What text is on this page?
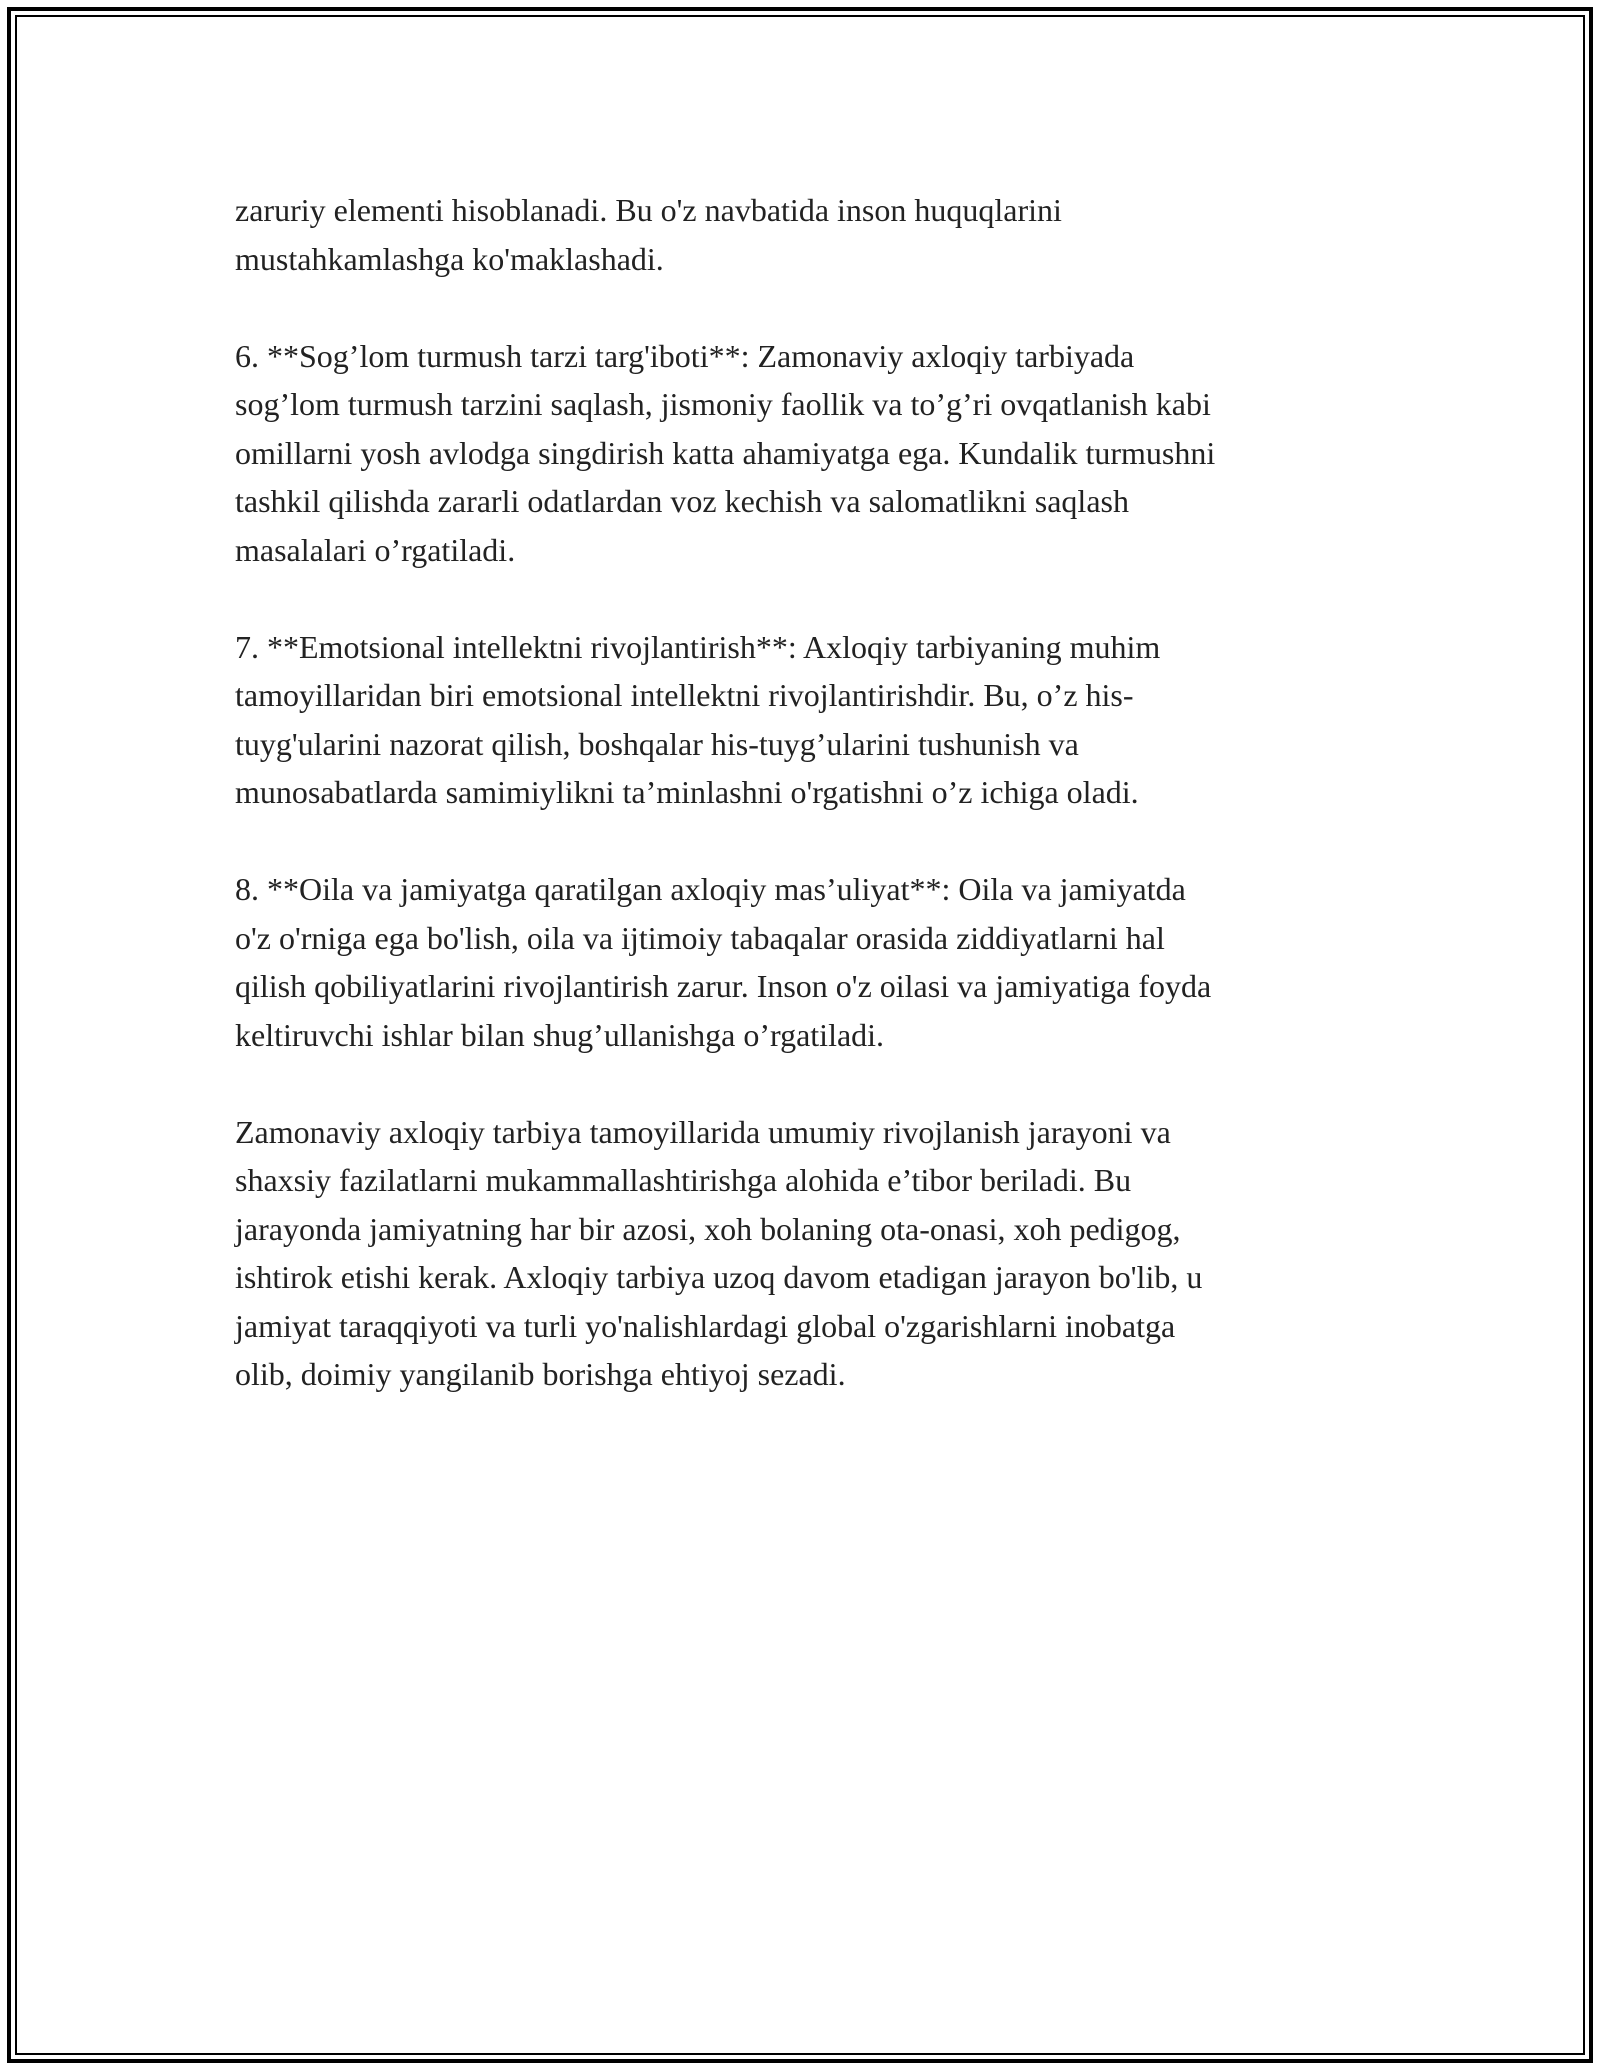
zaruriy elementi hisoblanadi. Bu o'z navbatida inson huquqlarini
mustahkamlashga ko'maklashadi.

6. **Sog’lom turmush tarzi targ'iboti**: Zamonaviy axloqiy tarbiyada
sog’lom turmush tarzini saqlash, jismoniy faollik va to’g’ri ovqatlanish kabi
omillarni yosh avlodga singdirish katta ahamiyatga ega. Kundalik turmushni
tashkil qilishda zararli odatlardan voz kechish va salomatlikni saqlash
masalalari o’rgatiladi.

7. **Emotsional intellektni rivojlantirish**: Axloqiy tarbiyaning muhim
tamoyillaridan biri emotsional intellektni rivojlantirishdir. Bu, o’z his-
tuyg'ularini nazorat qilish, boshqalar his-tuyg’ularini tushunish va
munosabatlarda samimiylikni ta’minlashni o'rgatishni o’z ichiga oladi.

8. **Oila va jamiyatga qaratilgan axloqiy mas’uliyat**: Oila va jamiyatda
o'z o'rniga ega bo'lish, oila va ijtimoiy tabaqalar orasida ziddiyatlarni hal
qilish qobiliyatlarini rivojlantirish zarur. Inson o'z oilasi va jamiyatiga foyda
keltiruvchi ishlar bilan shug’ullanishga o’rgatiladi.

Zamonaviy axloqiy tarbiya tamoyillarida umumiy rivojlanish jarayoni va
shaxsiy fazilatlarni mukammallashtirishga alohida e’tibor beriladi. Bu
jarayonda jamiyatning har bir azosi, xoh bolaning ota-onasi, xoh pedigog,
ishtirok etishi kerak. Axloqiy tarbiya uzoq davom etadigan jarayon bo'lib, u
jamiyat taraqqiyoti va turli yo'nalishlardagi global o'zgarishlarni inobatga
olib, doimiy yangilanib borishga ehtiyoj sezadi.
